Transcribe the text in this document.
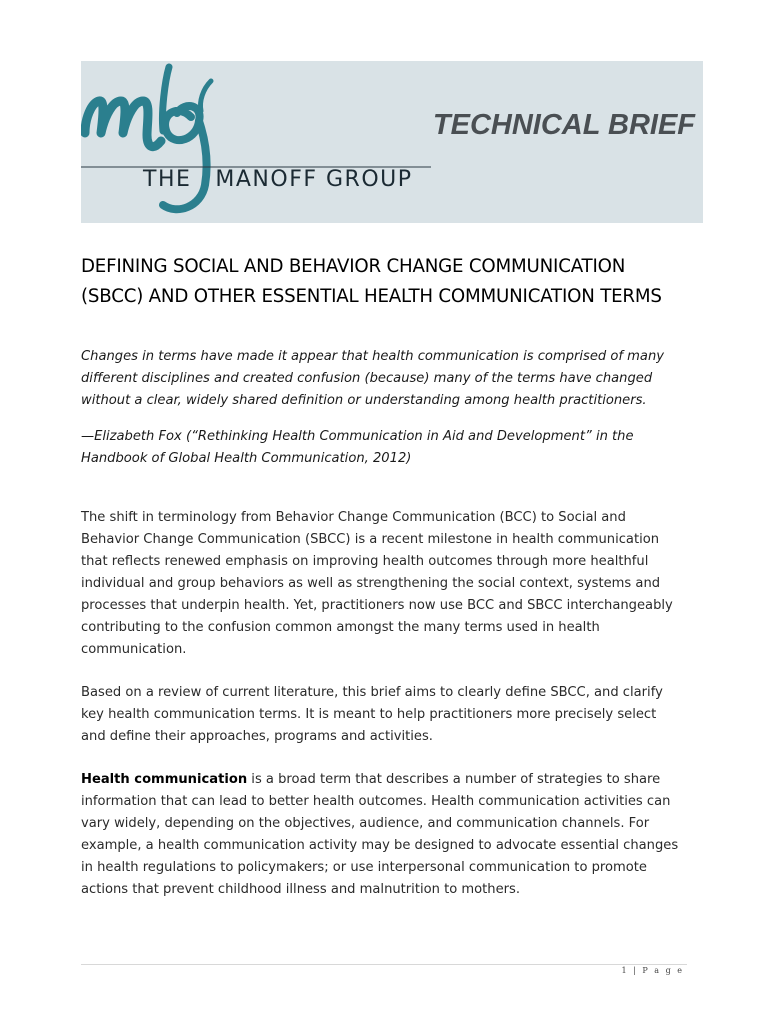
THE MANOFF GROUP
TECHNICAL BRIEF
DEFINING SOCIAL AND BEHAVIOR CHANGE COMMUNICATION
(SBCC) AND OTHER ESSENTIAL HEALTH COMMUNICATION TERMS

Changes in terms have made it appear that health communication is comprised of many
different disciplines and created confusion (because) many of the terms have changed
without a clear, widely shared definition or understanding among health practitioners.

—Elizabeth Fox (“Rethinking Health Communication in Aid and Development” in the
Handbook of Global Health Communication, 2012)

The shift in terminology from Behavior Change Communication (BCC) to Social and
Behavior Change Communication (SBCC) is a recent milestone in health communication
that reflects renewed emphasis on improving health outcomes through more healthful
individual and group behaviors as well as strengthening the social context, systems and
processes that underpin health. Yet, practitioners now use BCC and SBCC interchangeably
contributing to the confusion common amongst the many terms used in health
communication.

Based on a review of current literature, this brief aims to clearly define SBCC, and clarify
key health communication terms. It is meant to help practitioners more precisely select
and define their approaches, programs and activities.

Health communication is a broad term that describes a number of strategies to share
information that can lead to better health outcomes. Health communication activities can
vary widely, depending on the objectives, audience, and communication channels. For
example, a health communication activity may be designed to advocate essential changes
in health regulations to policymakers; or use interpersonal communication to promote
actions that prevent childhood illness and malnutrition to mothers.

1 | P a g e
